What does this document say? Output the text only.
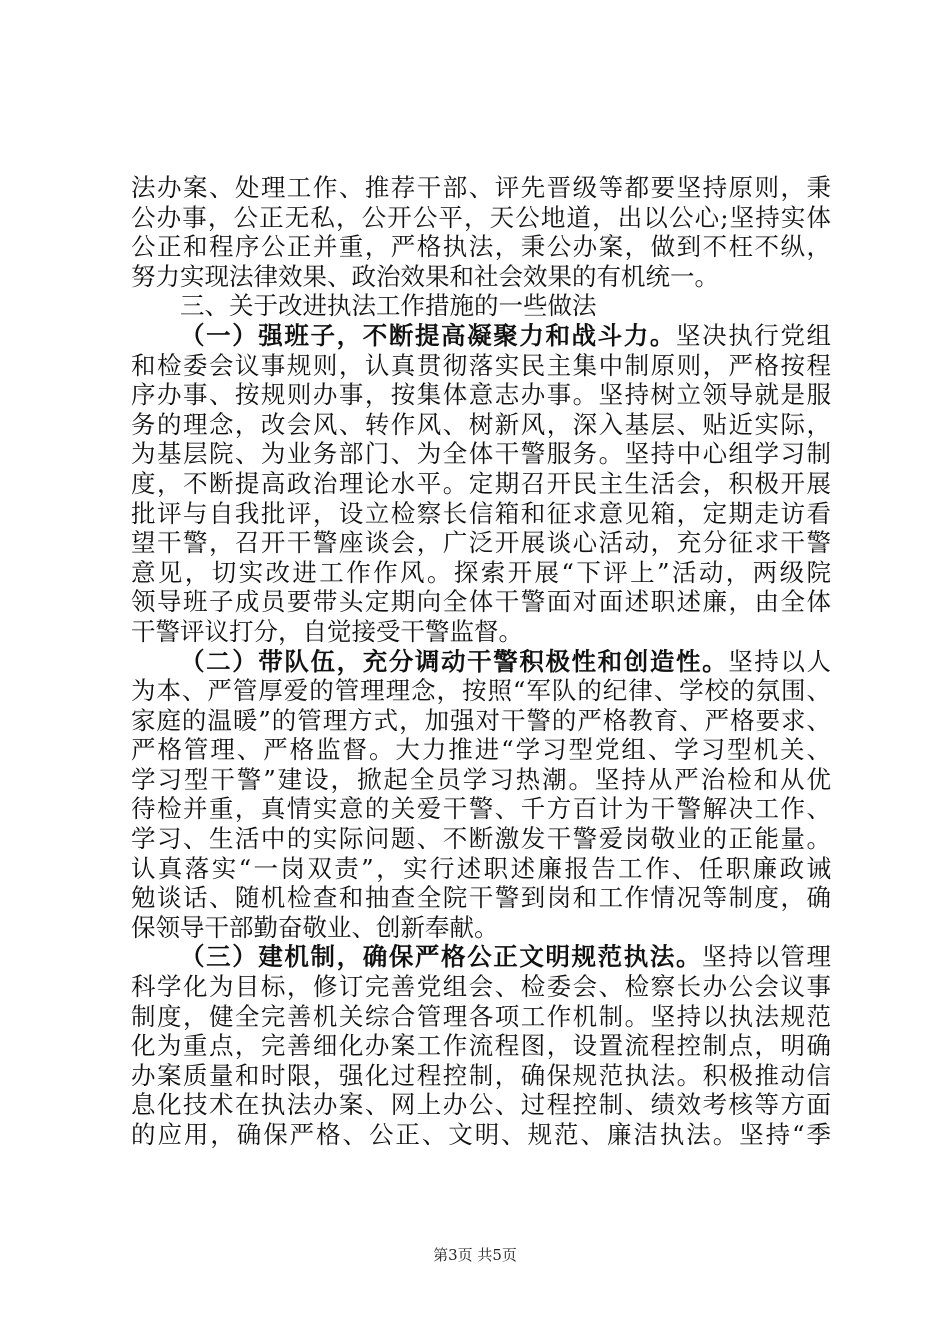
法办案、处理工作、推荐干部、评先晋级等都要坚持原则，秉
公办事，公正无私，公开公平，天公地道，出以公心;坚持实体
公正和程序公正并重，严格执法，秉公办案，做到不枉不纵，
努力实现法律效果、政治效果和社会效果的有机统一。
三、关于改进执法工作措施的一些做法
（一）强班子，不断提高凝聚力和战斗力。坚决执行党组
和检委会议事规则，认真贯彻落实民主集中制原则，严格按程
序办事、按规则办事，按集体意志办事。坚持树立领导就是服
务的理念，改会风、转作风、树新风，深入基层、贴近实际，
为基层院、为业务部门、为全体干警服务。坚持中心组学习制
度，不断提高政治理论水平。定期召开民主生活会，积极开展
批评与自我批评，设立检察长信箱和征求意见箱，定期走访看
望干警，召开干警座谈会，广泛开展谈心活动，充分征求干警
意见，切实改进工作作风。探索开展“下评上”活动，两级院
领导班子成员要带头定期向全体干警面对面述职述廉，由全体
干警评议打分，自觉接受干警监督。
（二）带队伍，充分调动干警积极性和创造性。坚持以人
为本、严管厚爱的管理理念，按照“军队的纪律、学校的氛围、
家庭的温暖”的管理方式，加强对干警的严格教育、严格要求、
严格管理、严格监督。大力推进“学习型党组、学习型机关、
学习型干警”建设，掀起全员学习热潮。坚持从严治检和从优
待检并重，真情实意的关爱干警、千方百计为干警解决工作、
学习、生活中的实际问题、不断激发干警爱岗敬业的正能量。
认真落实“一岗双责”，实行述职述廉报告工作、任职廉政诫
勉谈话、随机检查和抽查全院干警到岗和工作情况等制度，确
保领导干部勤奋敬业、创新奉献。
（三）建机制，确保严格公正文明规范执法。坚持以管理
科学化为目标，修订完善党组会、检委会、检察长办公会议事
制度，健全完善机关综合管理各项工作机制。坚持以执法规范
化为重点，完善细化办案工作流程图，设置流程控制点，明确
办案质量和时限，强化过程控制，确保规范执法。积极推动信
息化技术在执法办案、网上办公、过程控制、绩效考核等方面
的应用，确保严格、公正、文明、规范、廉洁执法。坚持“季
第3页 共5页
